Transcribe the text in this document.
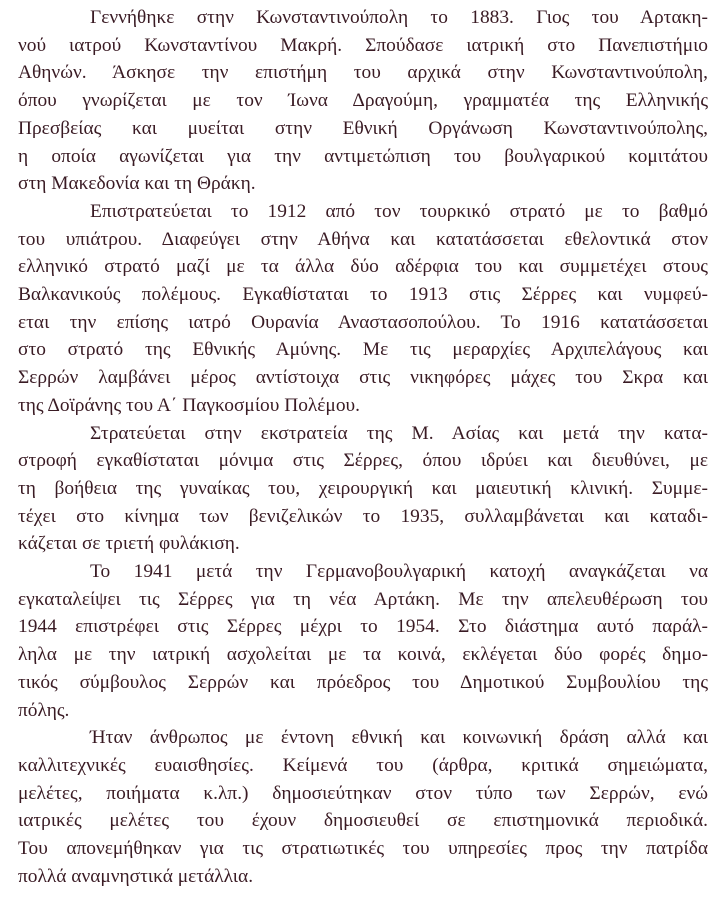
Γεννήθηκε στην Κωνσταντινούπολη το 1883. Γιος του Αρτακη-
νού ιατρού Κωνσταντίνου Μακρή. Σπούδασε ιατρική στο Πανεπιστήμιο
Αθηνών. Άσκησε την επιστήμη του αρχικά στην Κωνσταντινούπολη,
όπου γνωρίζεται με τον Ίωνα Δραγούμη, γραμματέα της Ελληνικής
Πρεσβείας και μυείται στην Εθνική Οργάνωση Κωνσταντινούπολης,
η οποία αγωνίζεται για την αντιμετώπιση του βουλγαρικού κομιτάτου
στη Μακεδονία και τη Θράκη.
Επιστρατεύεται το 1912 από τον τουρκικό στρατό με το βαθμό
του υπιάτρου. Διαφεύγει στην Αθήνα και κατατάσσεται εθελοντικά στον
ελληνικό στρατό μαζί με τα άλλα δύο αδέρφια του και συμμετέχει στους
Βαλκανικούς πολέμους. Εγκαθίσταται το 1913 στις Σέρρες και νυμφεύ-
εται την επίσης ιατρό Ουρανία Αναστασοπούλου. Το 1916 κατατάσσεται
στο στρατό της Εθνικής Αμύνης. Με τις μεραρχίες Αρχιπελάγους και
Σερρών λαμβάνει μέρος αντίστοιχα στις νικηφόρες μάχες του Σκρα και
της Δοϊράνης του Α΄ Παγκοσμίου Πολέμου.
Στρατεύεται στην εκστρατεία της Μ. Ασίας και μετά την κατα-
στροφή εγκαθίσταται μόνιμα στις Σέρρες, όπου ιδρύει και διευθύνει, με
τη βοήθεια της γυναίκας του, χειρουργική και μαιευτική κλινική. Συμμε-
τέχει στο κίνημα των βενιζελικών το 1935, συλλαμβάνεται και καταδι-
κάζεται σε τριετή φυλάκιση.
Το 1941 μετά την Γερμανοβουλγαρική κατοχή αναγκάζεται να
εγκαταλείψει τις Σέρρες για τη νέα Αρτάκη. Με την απελευθέρωση του
1944 επιστρέφει στις Σέρρες μέχρι το 1954. Στο διάστημα αυτό παράλ-
ληλα με την ιατρική ασχολείται με τα κοινά, εκλέγεται δύο φορές δημο-
τικός σύμβουλος Σερρών και πρόεδρος του Δημοτικού Συμβουλίου της
πόλης.
Ήταν άνθρωπος με έντονη εθνική και κοινωνική δράση αλλά και
καλλιτεχνικές ευαισθησίες. Κείμενά του (άρθρα, κριτικά σημειώματα,
μελέτες, ποιήματα κ.λπ.) δημοσιεύτηκαν στον τύπο των Σερρών, ενώ
ιατρικές μελέτες του έχουν δημοσιευθεί σε επιστημονικά περιοδικά.
Του απονεμήθηκαν για τις στρατιωτικές του υπηρεσίες προς την πατρίδα
πολλά αναμνηστικά μετάλλια.
